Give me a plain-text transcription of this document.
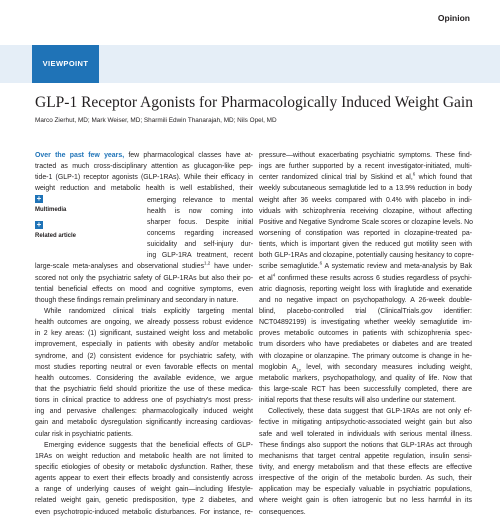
Opinion
VIEWPOINT
GLP-1 Receptor Agonists for Pharmacologically Induced Weight Gain
Marco Zierhut, MD; Mark Weiser, MD; Sharmili Edwin Thanarajah, MD; Nils Opel, MD
Over the past few years, few pharmacological classes have at-
tracted as much cross-disciplinary attention as glucagon-like pep-
tide-1 (GLP-1) receptor agonists (GLP-1RAs). While their efficacy in
weight reduction and metabolic health is well established, their
+
Multimedia
+
Related article
emerging relevance to mental
health is now coming into
sharper focus. Despite initial
concerns regarding increased
suicidality and self-injury dur-
ing GLP-1RA treatment, recent
large-scale meta-analyses and observational studies$^{1,2}$ have under-
scored not only the psychiatric safety of GLP-1RAs but also their po-
tential beneficial effects on mood and cognitive symptoms, even
though these findings remain preliminary and secondary in nature.
While randomized clinical trials explicitly targeting mental
health outcomes are ongoing, we already possess robust evidence
in 2 key areas: (1) significant, sustained weight loss and metabolic
improvement, especially in patients with obesity and/or metabolic
syndrome, and (2) consistent evidence for psychiatric safety, with
most studies reporting neutral or even favorable effects on mental
health outcomes. Considering the available evidence, we argue
that the psychiatric field should prioritize the use of these medica-
tions in clinical practice to address one of psychiatry's most press-
ing and pervasive challenges: pharmacologically induced weight
gain and metabolic dysregulation significantly increasing cardiovas-
cular risk in psychiatric patients.
Emerging evidence suggests that the beneficial effects of GLP-
1RAs on weight reduction and metabolic health are not limited to
specific etiologies of obesity or metabolic dysfunction. Rather, these
agents appear to exert their effects broadly and consistently across
a range of underlying causes of weight gain—including lifestyle-
related weight gain, genetic predisposition, type 2 diabetes, and
even psychotropic-induced metabolic disturbances. For instance, re-
pressure—without exacerbating psychiatric symptoms. These find-
ings are further supported by a recent investigator-initiated, multi-
center randomized clinical trial by Siskind et al,$^6$ which found that
weekly subcutaneous semaglutide led to a 13.9% reduction in body
weight after 36 weeks compared with 0.4% with placebo in indi-
viduals with schizophrenia receiving clozapine, without affecting
Positive and Negative Syndrome Scale scores or clozapine levels. No
worsening of constipation was reported in clozapine-treated pa-
tients, which is important given the reduced gut motility seen with
both GLP-1RAs and clozapine, potentially causing hesitancy to copre-
scribe semaglutide.$^6$ A systematic review and meta-analysis by Bak
et $al^4$ confirmed these results across 6 studies regardless of psychi-
atric diagnosis, reporting weight loss with liraglutide and exenatide
and no negative impact on psychopathology. A 26-week double-
blind, placebo-controlled trial (ClinicalTrials.gov identifier:
NCT04892199) is investigating whether weekly semaglutide im-
proves metabolic outcomes in patients with schizophrenia spec-
trum disorders who have prediabetes or diabetes and are treated
with clozapine or olanzapine. The primary outcome is change in he-
moglobin $A_{1c}$ level, with secondary measures including weight,
metabolic markers, psychopathology, and quality of life. Now that
this large-scale RCT has been successfully completed, there are
initial reports that these results will also underline our statement.
Collectively, these data suggest that GLP-1RAs are not only ef-
fective in mitigating antipsychotic-associated weight gain but also
safe and well tolerated in individuals with serious mental illness.
These findings also support the notions that GLP-1RAs act through
mechanisms that target central appetite regulation, insulin sensi-
tivity, and energy metabolism and that these effects are effective
irrespective of the origin of the metabolic burden. As such, their
application may be especially valuable in psychiatric populations,
where weight gain is often iatrogenic but no less harmful in its
consequences.
